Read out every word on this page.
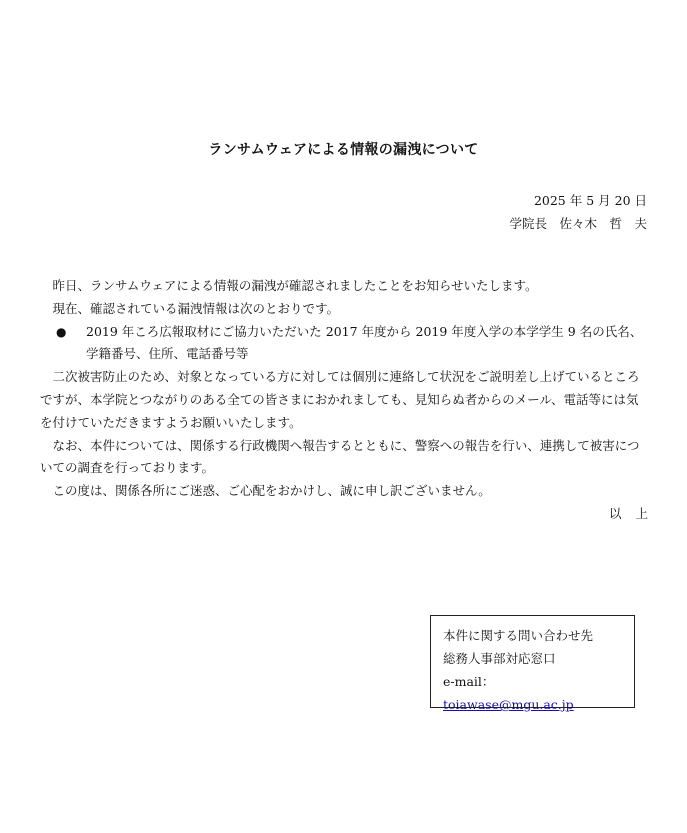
ランサムウェアによる情報の漏洩について
2025 年 5 月 20 日
学院長　佐々木　哲　夫

昨日、ランサムウェアによる情報の漏洩が確認されましたことをお知らせいたします。

現在、確認されている漏洩情報は次のとおりです。

●	2019 年ころ広報取材にご協力いただいた 2017 年度から 2019 年度入学の本学学生 9 名の氏名、学籍番号、住所、電話番号等

二次被害防止のため、対象となっている方に対しては個別に連絡して状況をご説明差し上げているところですが、本学院とつながりのある全ての皆さまにおかれましても、見知らぬ者からのメール、電話等には気を付けていただきますようお願いいたします。

なお、本件については、関係する行政機関へ報告するとともに、警察への報告を行い、連携して被害についての調査を行っております。

この度は、関係各所にご迷惑、ご心配をおかけし、誠に申し訳ございません。

以 上

本件に関する問い合わせ先
総務人事部対応窓口
e-mail：toiawase@mgu.ac.jp
